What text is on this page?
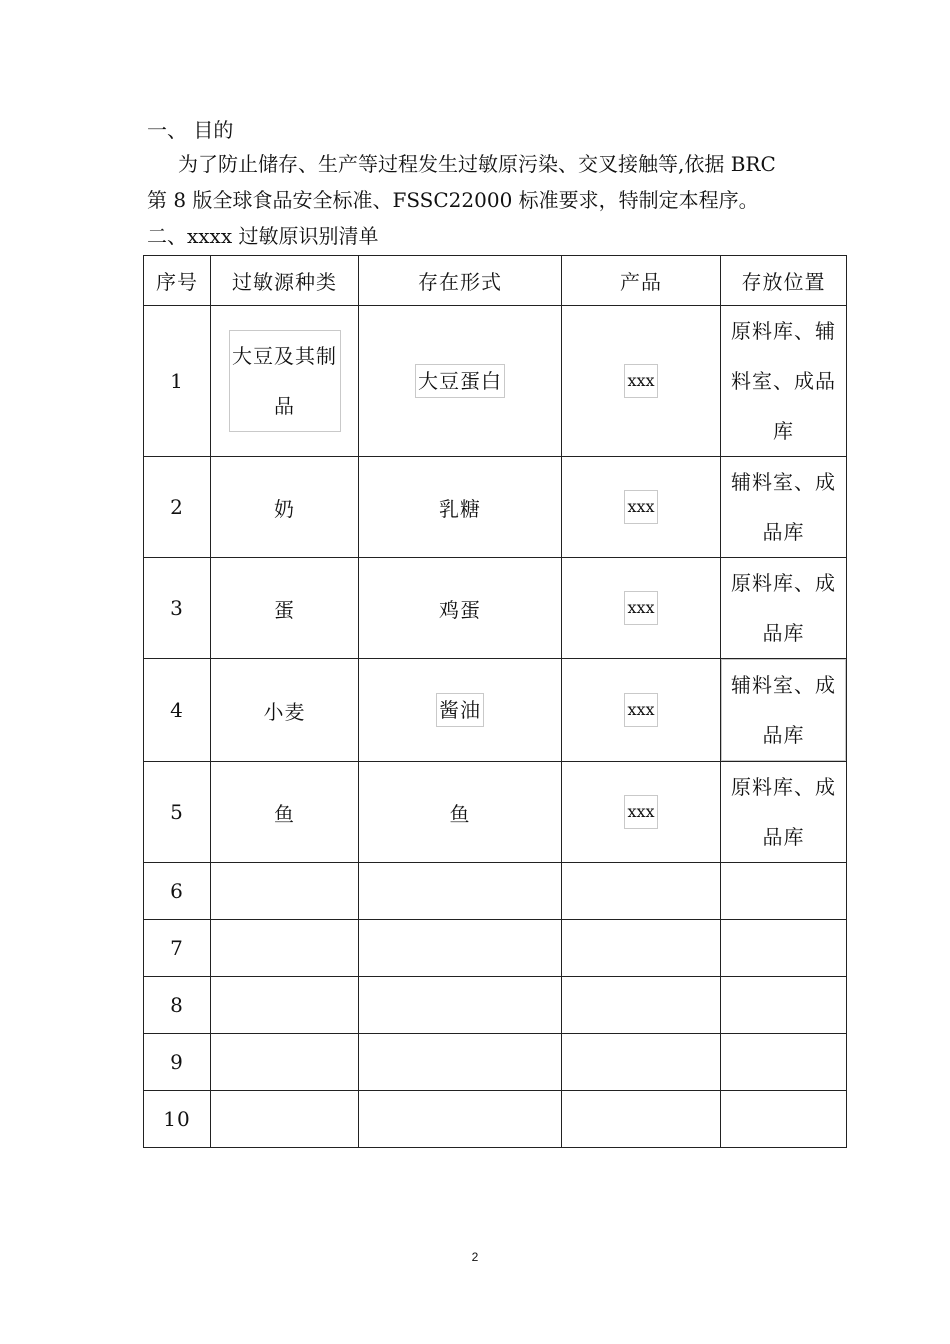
一、 目的
为了防止储存、生产等过程发生过敏原污染、交叉接触等,依据 BRC
第 8 版全球食品安全标准、FSSC22000 标准要求，特制定本程序。
二、xxxx 过敏原识别清单
序号	过敏源种类	存在形式	产品	存放位置
1	大豆及其制品	大豆蛋白	xxx	原料库、辅料室、成品库
2	奶	乳糖	xxx	辅料室、成品库
3	蛋	鸡蛋	xxx	原料库、成品库
4	小麦	酱油	xxx	辅料室、成品库
5	鱼	鱼	xxx	原料库、成品库
6				
7				
8				
9				
10				
2
